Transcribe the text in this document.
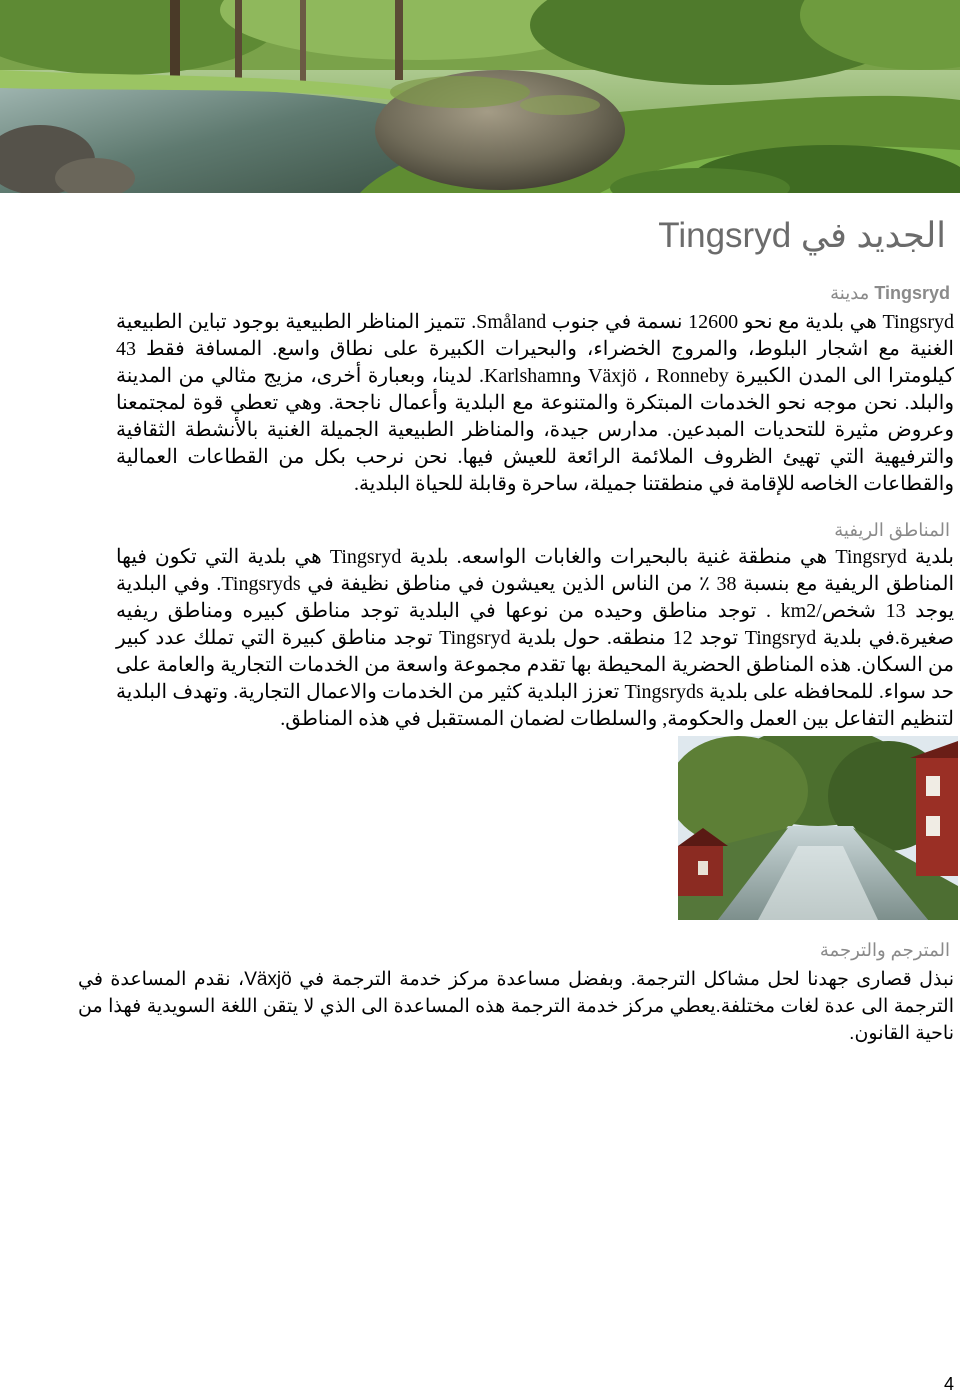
الجديد في Tingsryd
Tingsryd مدينة

Tingsryd هي بلدية مع نحو 12600 نسمة في جنوب Småland. تتميز المناظر الطبيعية بوجود تباين الطبيعية الغنية مع اشجار البلوط، والمروج الخضراء، والبحيرات الكبيرة على نطاق واسع. المسافة فقط 43 كيلومترا الى المدن الكبيرة Växjö ، Ronneby وKarlshamn. لدينا، وبعبارة أخرى، مزيج مثالي من المدينة والبلد. نحن موجه نحو الخدمات المبتكرة والمتنوعة مع البلدية وأعمال ناجحة. وهي تعطي قوة لمجتمعنا وعروض مثيرة للتحديات المبدعين. مدارس جيدة، والمناظر الطبيعية الجميلة الغنية بالأنشطة الثقافية والترفيهية التي تهيئ الظروف الملائمة الرائعة للعيش فيها. نحن نرحب بكل من القطاعات العمالية والقطاعات الخاصه للإقامة في منطقتنا جميلة، ساحرة وقابلة للحياة البلدية.

المناطق الريفية

بلدية Tingsryd هي منطقة غنية بالبحيرات والغابات الواسعه. بلدية Tingsryd هي بلدية التي تكون فيها المناطق الريفية مع بنسبة 38 ٪ من الناس الذين يعيشون في مناطق نظيفة في Tingsryds. وفي البلدية يوجد 13 شخص/km2 . توجد مناطق وحيده من نوعها في البلدية توجد مناطق كبيره ومناطق ريفيه صغيرة.في بلدية Tingsryd توجد 12 منطقه. حول بلدية Tingsryd توجد مناطق كبيرة التي تملك عدد كبير من السكان. هذه المناطق الحضرية المحيطة بها تقدم مجموعة واسعة من الخدمات التجارية والعامة على حد سواء. للمحافظه على بلدية Tingsryds تعزز البلدية كثير من الخدمات والاعمال التجارية. وتهدف البلدية لتنظيم التفاعل بين العمل والحكومة, والسلطات لضمان المستقبل في هذه المناطق.

المترجم والترجمة

نبذل قصارى جهدنا لحل مشاكل الترجمة. وبفضل مساعدة مركز خدمة الترجمة في Växjö، نقدم المساعدة في الترجمة الى عدة لغات مختلفة.يعطي مركز خدمة الترجمة هذه المساعدة الى الذي لا يتقن اللغة السويدية فهذا من ناحية القانون.

4
